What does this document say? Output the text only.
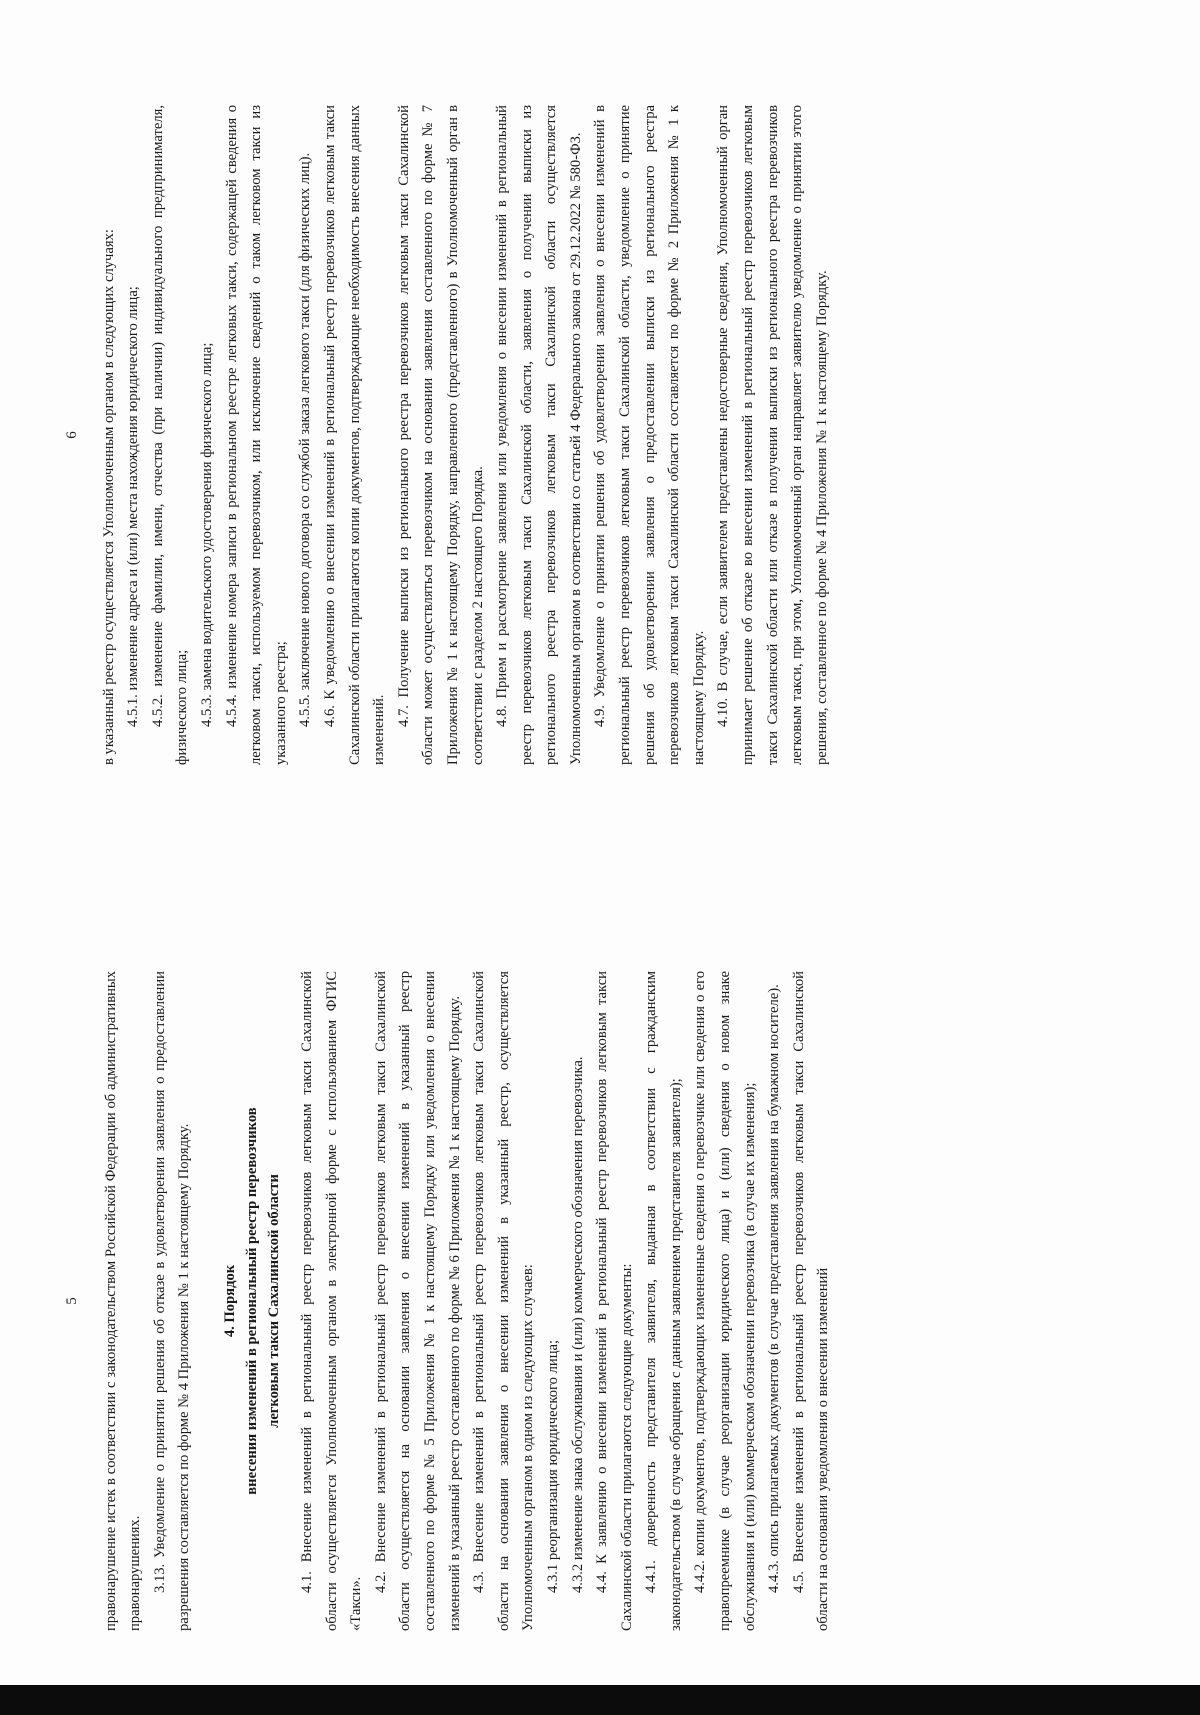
5	правонарушение истек в соответствии с законодательством Российской Федерации об административных правонарушениях. 3.13. Уведомление о принятии решения об отказе в удовлетворении заявления о предоставлении разрешения составляется по форме № 4 Приложения № 1 к настоящему Порядку.	4. Порядок внесения изменений в региональный реестр перевозчиков легковым такси Сахалинской области 4.1. Внесение изменений в региональный реестр перевозчиков легковым такси Сахалинской области осуществляется Уполномоченным органом в электронной форме с использованием ФГИС «Такси».

4.2. Внесение изменений в региональный реестр перевозчиков легковым такси Сахалинской области осуществляется на основании заявления о внесении изменений в указанный реестр составленного по форме № 5 Приложения № 1 к настоящему Порядку или уведомления о внесении изменений в указанный реестр составленного по форме № 6 Приложения № 1 к настоящему Порядку. 4.3. Внесение изменений в региональный реестр перевозчиков легковым такси Сахалинской области на основании заявления о внесении изменений в указанный реестр, осуществляется Уполномоченным органом в одном из следующих случаев: 4.3.1 реорганизация юридического лица; 4.3.2 изменение знака обслуживания и (или) коммерческого обозначения перевозчика. 4.4. К заявлению о внесении изменений в региональный реестр перевозчиков легковым такси Сахалинской области прилагаются следующие документы: 4.4.1. доверенность представителя заявителя, выданная в соответствии с гражданским законодательством (в случае обращения с данным заявлением представителя заявителя); 4.4.2. копии документов, подтверждающих измененные сведения о перевозчике или сведения о его правопреемнике (в случае реорганизации юридического лица) и (или) сведения о новом знаке обслуживания и (или) коммерческом обозначении перевозчика (в случае их изменения); 4.4.3. опись прилагаемых документов (в случае представления заявления на бумажном носителе). 4.5. Внесение изменений в региональный реестр перевозчиков легковым такси Сахалинской области на основании уведомления о внесении изменений

6	в указанный реестр осуществляется Уполномоченным органом в следующих случаях: 4.5.1. изменение адреса и (или) места нахождения юридического лица; 4.5.2. изменение фамилии, имени, отчества (при наличии) индивидуального предпринимателя, физического лица; 4.5.3. замена водительского удостоверения физического лица; 4.5.4. изменение номера записи в региональном реестре легковых такси, содержащей сведения о легковом такси, используемом перевозчиком, или исключение сведений о таком легковом такси из указанного реестра; 4.5.5. заключение нового договора со службой заказа легкового такси (для физических лиц). 4.6. К уведомлению о внесении изменений в региональный реестр перевозчиков легковым такси Сахалинской области прилагаются копии документов, подтверждающие необходимость внесения данных изменений.

4.7. Получение выписки из регионального реестра перевозчиков легковым такси Сахалинской области может осуществляться перевозчиком на основании заявления составленного по форме № 7 Приложения № 1 к настоящему Порядку, направленного (представленного) в Уполномоченный орган в соответствии с разделом 2 настоящего Порядка. 4.8. Прием и рассмотрение заявления или уведомления о внесении изменений в региональный реестр перевозчиков легковым такси Сахалинской области, заявления о получении выписки из регионального реестра перевозчиков легковым такси Сахалинской области осуществляется Уполномоченным органом в соответствии со статьей 4 Федерального закона от 29.12.2022 № 580-ФЗ. 4.9. Уведомление о принятии решения об удовлетворении заявления о внесении изменений в региональный реестр перевозчиков легковым такси Сахалинской области, уведомление о принятие решения об удовлетворении заявления о предоставлении выписки из регионального реестра перевозчиков легковым такси Сахалинской области составляется по форме № 2 Приложения № 1 к настоящему Порядку. 4.10. В случае, если заявителем представлены недостоверные сведения, Уполномоченный орган принимает решение об отказе во внесении изменений в региональный реестр перевозчиков легковым такси Сахалинской области или отказе в получении выписки из регионального реестра перевозчиков легковым такси, при этом, Уполномоченный орган направляет заявителю уведомление о принятии этого решения, составленное по форме № 4 Приложения № 1 к настоящему Порядку.
